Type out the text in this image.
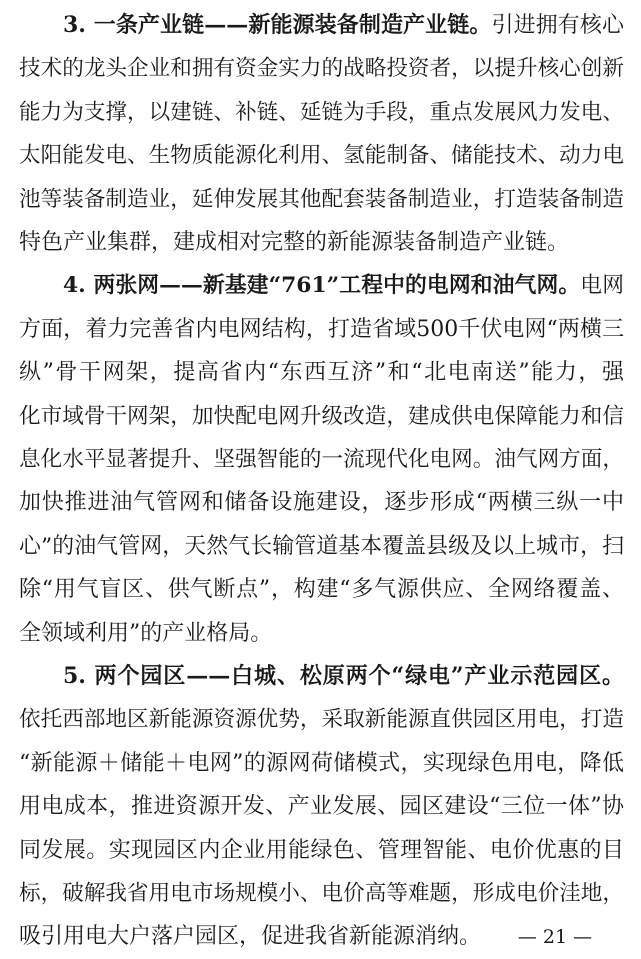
3. 一条产业链——新能源装备制造产业链。引进拥有核心
技术的龙头企业和拥有资金实力的战略投资者，以提升核心创新
能力为支撑，以建链、补链、延链为手段，重点发展风力发电、
太阳能发电、生物质能源化利用、氢能制备、储能技术、动力电
池等装备制造业，延伸发展其他配套装备制造业，打造装备制造
特色产业集群，建成相对完整的新能源装备制造产业链。
4. 两张网——新基建“761”工程中的电网和油气网。电网
方面，着力完善省内电网结构，打造省域500千伏电网“两横三
纵”骨干网架，提高省内“东西互济”和“北电南送”能力，强
化市域骨干网架，加快配电网升级改造，建成供电保障能力和信
息化水平显著提升、坚强智能的一流现代化电网。油气网方面，
加快推进油气管网和储备设施建设，逐步形成“两横三纵一中
心”的油气管网，天然气长输管道基本覆盖县级及以上城市，扫
除“用气盲区、供气断点”，构建“多气源供应、全网络覆盖、
全领域利用”的产业格局。
5. 两个园区——白城、松原两个“绿电”产业示范园区。
依托西部地区新能源资源优势，采取新能源直供园区用电，打造
“新能源＋储能＋电网”的源网荷储模式，实现绿色用电，降低
用电成本，推进资源开发、产业发展、园区建设“三位一体”协
同发展。实现园区内企业用能绿色、管理智能、电价优惠的目
标，破解我省用电市场规模小、电价高等难题，形成电价洼地，
吸引用电大户落户园区，促进我省新能源消纳。	— 21 —
